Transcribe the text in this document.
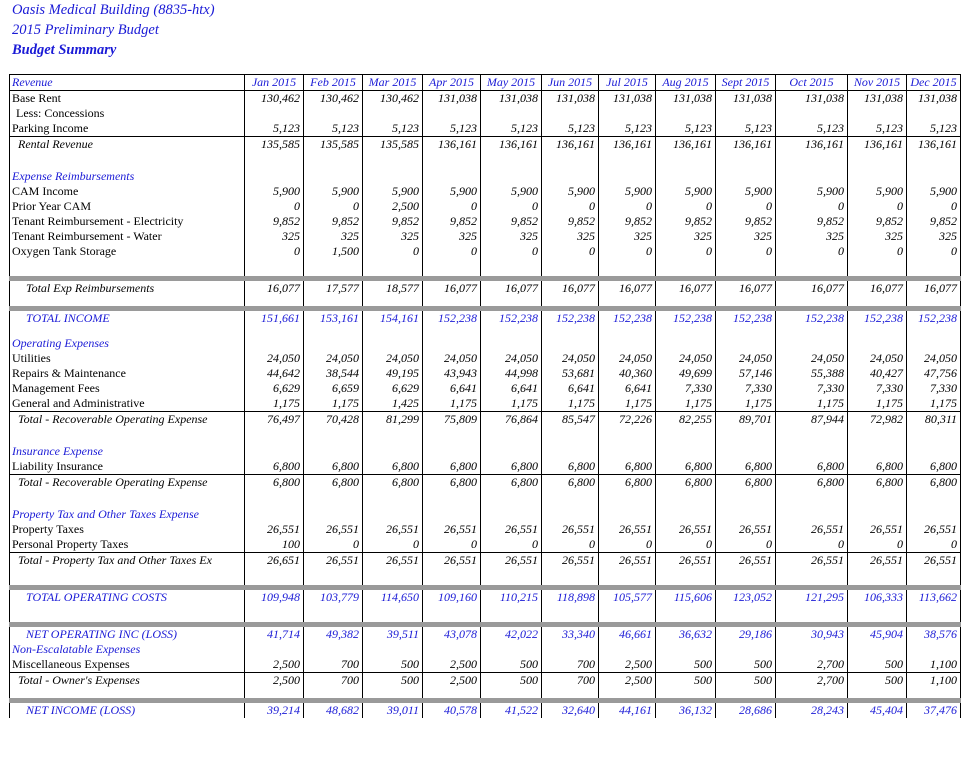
Oasis Medical Building (8835-htx)
2015 Preliminary Budget
Budget Summary
Revenue	Jan 2015	Feb 2015	Mar 2015	Apr 2015	May 2015	Jun 2015	Jul 2015	Aug 2015	Sept 2015	Oct 2015	Nov 2015	Dec 2015
Base Rent	130,462	130,462	130,462	131,038	131,038	131,038	131,038	131,038	131,038	131,038	131,038	131,038
Less: Concessions												
Parking Income	5,123	5,123	5,123	5,123	5,123	5,123	5,123	5,123	5,123	5,123	5,123	5,123
Rental Revenue	135,585	135,585	135,585	136,161	136,161	136,161	136,161	136,161	136,161	136,161	136,161	136,161

Expense Reimbursements												
CAM Income	5,900	5,900	5,900	5,900	5,900	5,900	5,900	5,900	5,900	5,900	5,900	5,900
Prior Year CAM	0	0	2,500	0	0	0	0	0	0	0	0	0
Tenant Reimbursement - Electricity	9,852	9,852	9,852	9,852	9,852	9,852	9,852	9,852	9,852	9,852	9,852	9,852
Tenant Reimbursement - Water	325	325	325	325	325	325	325	325	325	325	325	325
Oxygen Tank Storage	0	1,500	0	0	0	0	0	0	0	0	0	0

Total Exp Reimbursements	16,077	17,577	18,577	16,077	16,077	16,077	16,077	16,077	16,077	16,077	16,077	16,077

TOTAL INCOME	151,661	153,161	154,161	152,238	152,238	152,238	152,238	152,238	152,238	152,238	152,238	152,238

Operating Expenses												
Utilities	24,050	24,050	24,050	24,050	24,050	24,050	24,050	24,050	24,050	24,050	24,050	24,050
Repairs & Maintenance	44,642	38,544	49,195	43,943	44,998	53,681	40,360	49,699	57,146	55,388	40,427	47,756
Management Fees	6,629	6,659	6,629	6,641	6,641	6,641	6,641	7,330	7,330	7,330	7,330	7,330
General and Administrative	1,175	1,175	1,425	1,175	1,175	1,175	1,175	1,175	1,175	1,175	1,175	1,175
Total - Recoverable Operating Expense	76,497	70,428	81,299	75,809	76,864	85,547	72,226	82,255	89,701	87,944	72,982	80,311

Insurance Expense												
Liability Insurance	6,800	6,800	6,800	6,800	6,800	6,800	6,800	6,800	6,800	6,800	6,800	6,800
Total - Recoverable Operating Expense	6,800	6,800	6,800	6,800	6,800	6,800	6,800	6,800	6,800	6,800	6,800	6,800

Property Tax and Other Taxes Expense												
Property Taxes	26,551	26,551	26,551	26,551	26,551	26,551	26,551	26,551	26,551	26,551	26,551	26,551
Personal Property Taxes	100	0	0	0	0	0	0	0	0	0	0	0
Total - Property Tax and Other Taxes Ex	26,651	26,551	26,551	26,551	26,551	26,551	26,551	26,551	26,551	26,551	26,551	26,551

TOTAL OPERATING COSTS	109,948	103,779	114,650	109,160	110,215	118,898	105,577	115,606	123,052	121,295	106,333	113,662

NET OPERATING INC (LOSS)	41,714	49,382	39,511	43,078	42,022	33,340	46,661	36,632	29,186	30,943	45,904	38,576
Non-Escalatable Expenses												
Miscellaneous Expenses	2,500	700	500	2,500	500	700	2,500	500	500	2,700	500	1,100
Total - Owner's Expenses	2,500	700	500	2,500	500	700	2,500	500	500	2,700	500	1,100

NET INCOME (LOSS)	39,214	48,682	39,011	40,578	41,522	32,640	44,161	36,132	28,686	28,243	45,404	37,476
